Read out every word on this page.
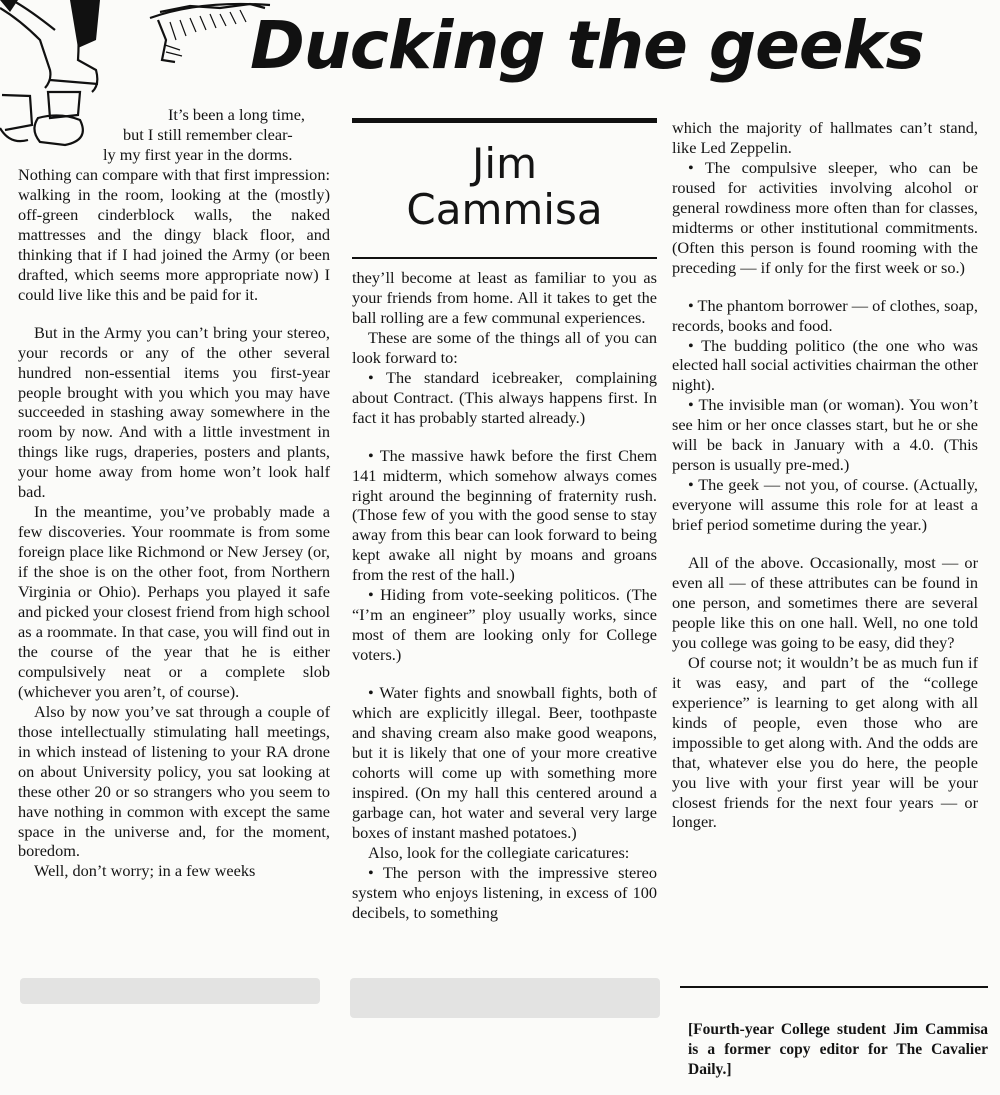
Ducking the geeks
It’s been a long time,
but I still remember clear-
ly my first year in the dorms.

Nothing can compare with that first impression: walking in the room, looking at the (mostly) off-green cinderblock walls, the naked mattresses and the dingy black floor, and thinking that if I had joined the Army (or been drafted, which seems more appropriate now) I could live like this and be paid for it.

But in the Army you can’t bring your stereo, your records or any of the other several hundred non-essential items you first-year people brought with you which you may have succeeded in stashing away somewhere in the room by now. And with a little investment in things like rugs, draperies, posters and plants, your home away from home won’t look half bad.

In the meantime, you’ve probably made a few discoveries. Your roommate is from some foreign place like Richmond or New Jersey (or, if the shoe is on the other foot, from Northern Virginia or Ohio). Perhaps you played it safe and picked your closest friend from high school as a roommate. In that case, you will find out in the course of the year that he is either compulsively neat or a complete slob (whichever you aren’t, of course).

Also by now you’ve sat through a couple of those intellectually stimulating hall meetings, in which instead of listening to your RA drone on about University policy, you sat looking at these other 20 or so strangers who you seem to have nothing in common with except the same space in the universe and, for the moment, boredom.

Well, don’t worry; in a few weeks

Jim
Cammisa

they’ll become at least as familiar to you as your friends from home. All it takes to get the ball rolling are a few communal experiences.

These are some of the things all of you can look forward to:

• The standard icebreaker, complaining about Contract. (This always happens first. In fact it has probably started already.)

• The massive hawk before the first Chem 141 midterm, which somehow always comes right around the beginning of fraternity rush. (Those few of you with the good sense to stay away from this bear can look forward to being kept awake all night by moans and groans from the rest of the hall.)

• Hiding from vote-seeking politicos. (The “I’m an engineer” ploy usually works, since most of them are looking only for College voters.)

• Water fights and snowball fights, both of which are explicitly illegal. Beer, toothpaste and shaving cream also make good weapons, but it is likely that one of your more creative cohorts will come up with something more inspired. (On my hall this centered around a garbage can, hot water and several very large boxes of instant mashed potatoes.)

Also, look for the collegiate caricatures:

• The person with the impressive stereo system who enjoys listening, in excess of 100 decibels, to something

which the majority of hallmates can’t stand, like Led Zeppelin.

• The compulsive sleeper, who can be roused for activities involving alcohol or general rowdiness more often than for classes, midterms or other institutional commitments. (Often this person is found rooming with the preceding — if only for the first week or so.)

• The phantom borrower — of clothes, soap, records, books and food.

• The budding politico (the one who was elected hall social activities chairman the other night).

• The invisible man (or woman). You won’t see him or her once classes start, but he or she will be back in January with a 4.0. (This person is usually pre-med.)

• The geek — not you, of course. (Actually, everyone will assume this role for at least a brief period sometime during the year.)

All of the above. Occasionally, most — or even all — of these attributes can be found in one person, and sometimes there are several people like this on one hall. Well, no one told you college was going to be easy, did they?

Of course not; it wouldn’t be as much fun if it was easy, and part of the “college experience” is learning to get along with all kinds of people, even those who are impossible to get along with. And the odds are that, whatever else you do here, the people you live with your first year will be your closest friends for the next four years — or longer.

[Fourth-year College student Jim Cammisa is a former copy editor for The Cavalier Daily.]
